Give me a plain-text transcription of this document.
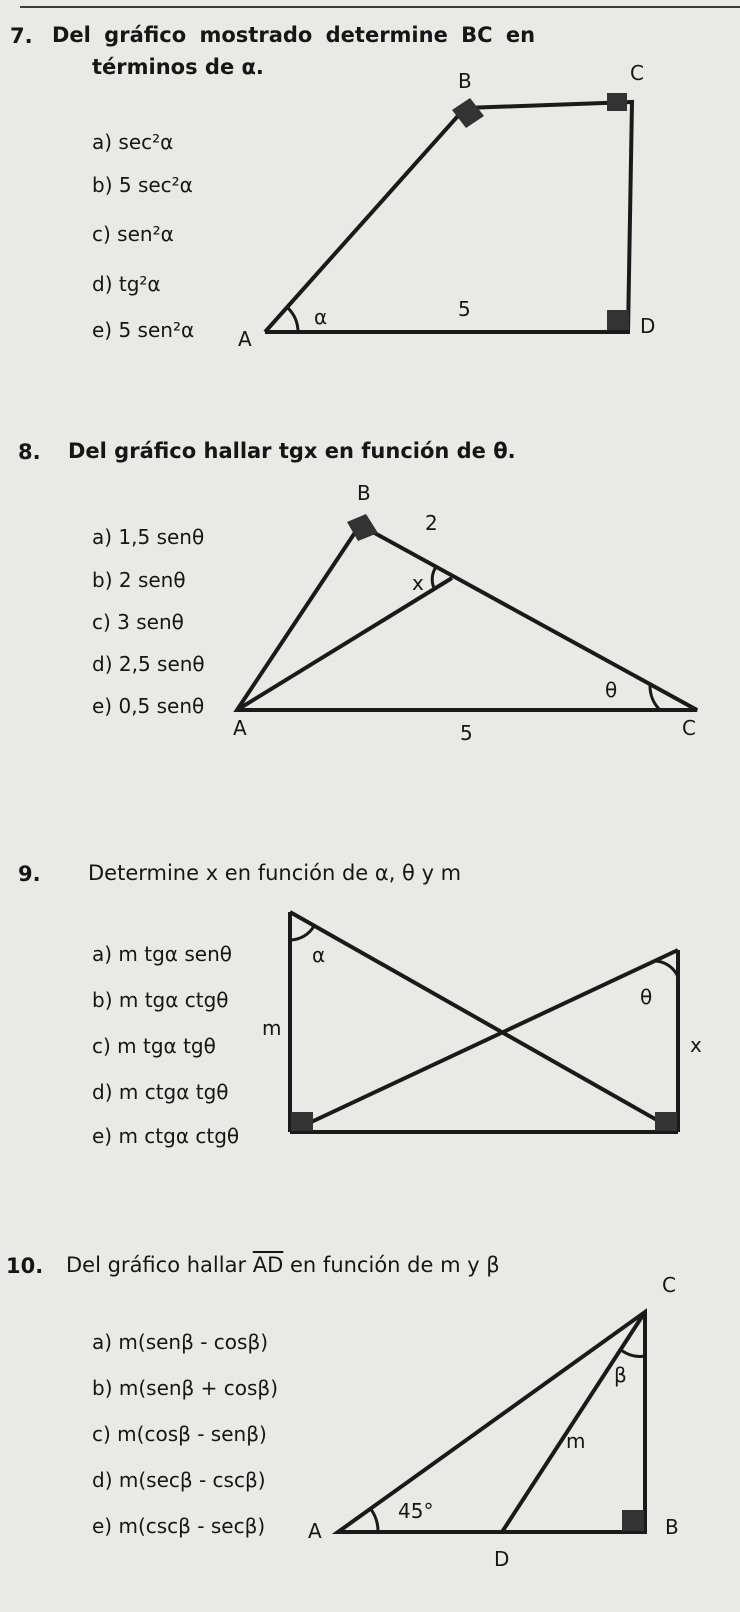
7. Del gráfico mostrado determine BC en
términos de α.
a) sec²α
b) 5 sec²α
c) sen²α
d) tg²α
e) 5 sen²α
B	C
D
A
α	5
8. Del gráfico hallar tgx en función de θ.
a) 1,5 senθ
b) 2 senθ
c) 3 senθ
d) 2,5 senθ
e) 0,5 senθ
B
A	C
2
5
x
θ
9. Determine x en función de α, θ y m
a) m tgα senθ
b) m tgα ctgθ
c) m tgα tgθ
d) m ctgα tgθ
e) m ctgα ctgθ
α
θ
m
x
10. Del gráfico hallar $\overline{AD}$ en función de m y β
a) m(senβ - cosβ)
b) m(senβ + cosβ)
c) m(cosβ - senβ)
d) m(secβ - cscβ)
e) m(cscβ - secβ)
C
B
A
D
β
m
45°
